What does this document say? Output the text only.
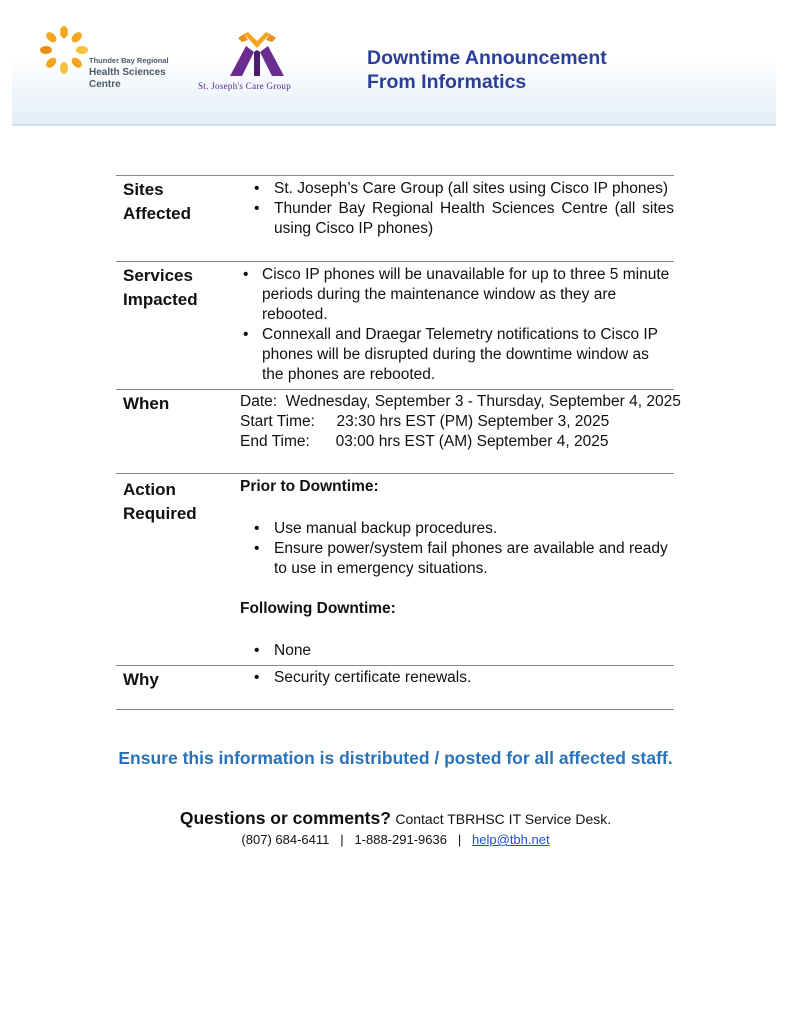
Thunder Bay Regional
Health Sciences
Centre	St. Joseph's Care Group
Downtime Announcement
From Informatics
Sites
Affected
• St. Joseph’s Care Group (all sites using Cisco IP phones)
• Thunder Bay Regional Health Sciences Centre (all sites using Cisco IP phones)
Services
Impacted
• Cisco IP phones will be unavailable for up to three 5 minute periods during the maintenance window as they are rebooted.
• Connexall and Draegar Telemetry notifications to Cisco IP phones will be disrupted during the downtime window as the phones are rebooted.
When	Date:  Wednesday, September 3 - Thursday, September 4, 2025
Start Time:     23:30 hrs EST (PM) September 3, 2025
End Time:      03:00 hrs EST (AM) September 4, 2025
Action
Required
Prior to Downtime:
• Use manual backup procedures.
• Ensure power/system fail phones are available and ready to use in emergency situations.
Following Downtime:
• None
Why
•	Security certificate renewals.
Ensure this information is distributed / posted for all affected staff.
Questions or comments? Contact TBRHSC IT Service Desk.
(807) 684-6411 | 1-888-291-9636 | help@tbh.net
